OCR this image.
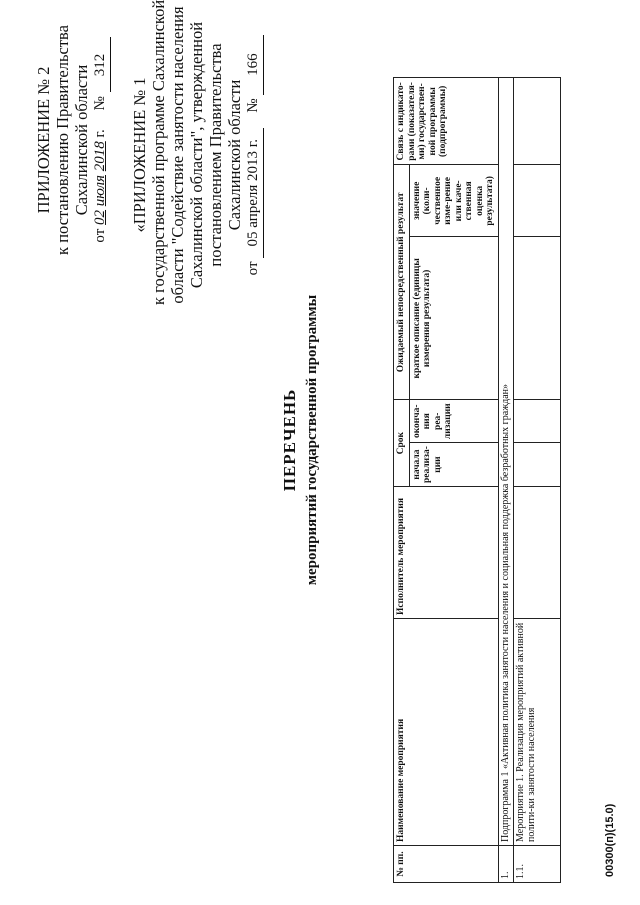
ПРИЛОЖЕНИЕ № 2 к постановлению Правительства Сахалинской области
от 02 июля 2018 г.     № 312
«ПРИЛОЖЕНИЕ № 1 к государственной программе Сахалинской области "Содействие занятости населения Сахалинской области", утвержденной постановлением Правительства Сахалинской области
от 05 апреля 2013 г.    № 166
ПЕРЕЧЕНЬ мероприятий государственной программы
№ пп.	Наименование мероприятия	Исполнитель мероприятия	Срок		Ожидаемый непосредственный результат		Связь с индикато-рами (показателя-ми) государствен-ной программы (подпрограммы)
			начала реализа-ции	оконча-ния реа-лизации	краткое описание (единицы измерения результата)	значение (коли-чественное изме-рение или каче-ственная оценка результата)	
1.	Подпрограмма 1 «Активная политика занятости населения и социальная поддержка безработных граждан»						
1.1.	Мероприятие 1. Реализация мероприятий активной полити-ки занятости населения							00300(п)(15.0)
